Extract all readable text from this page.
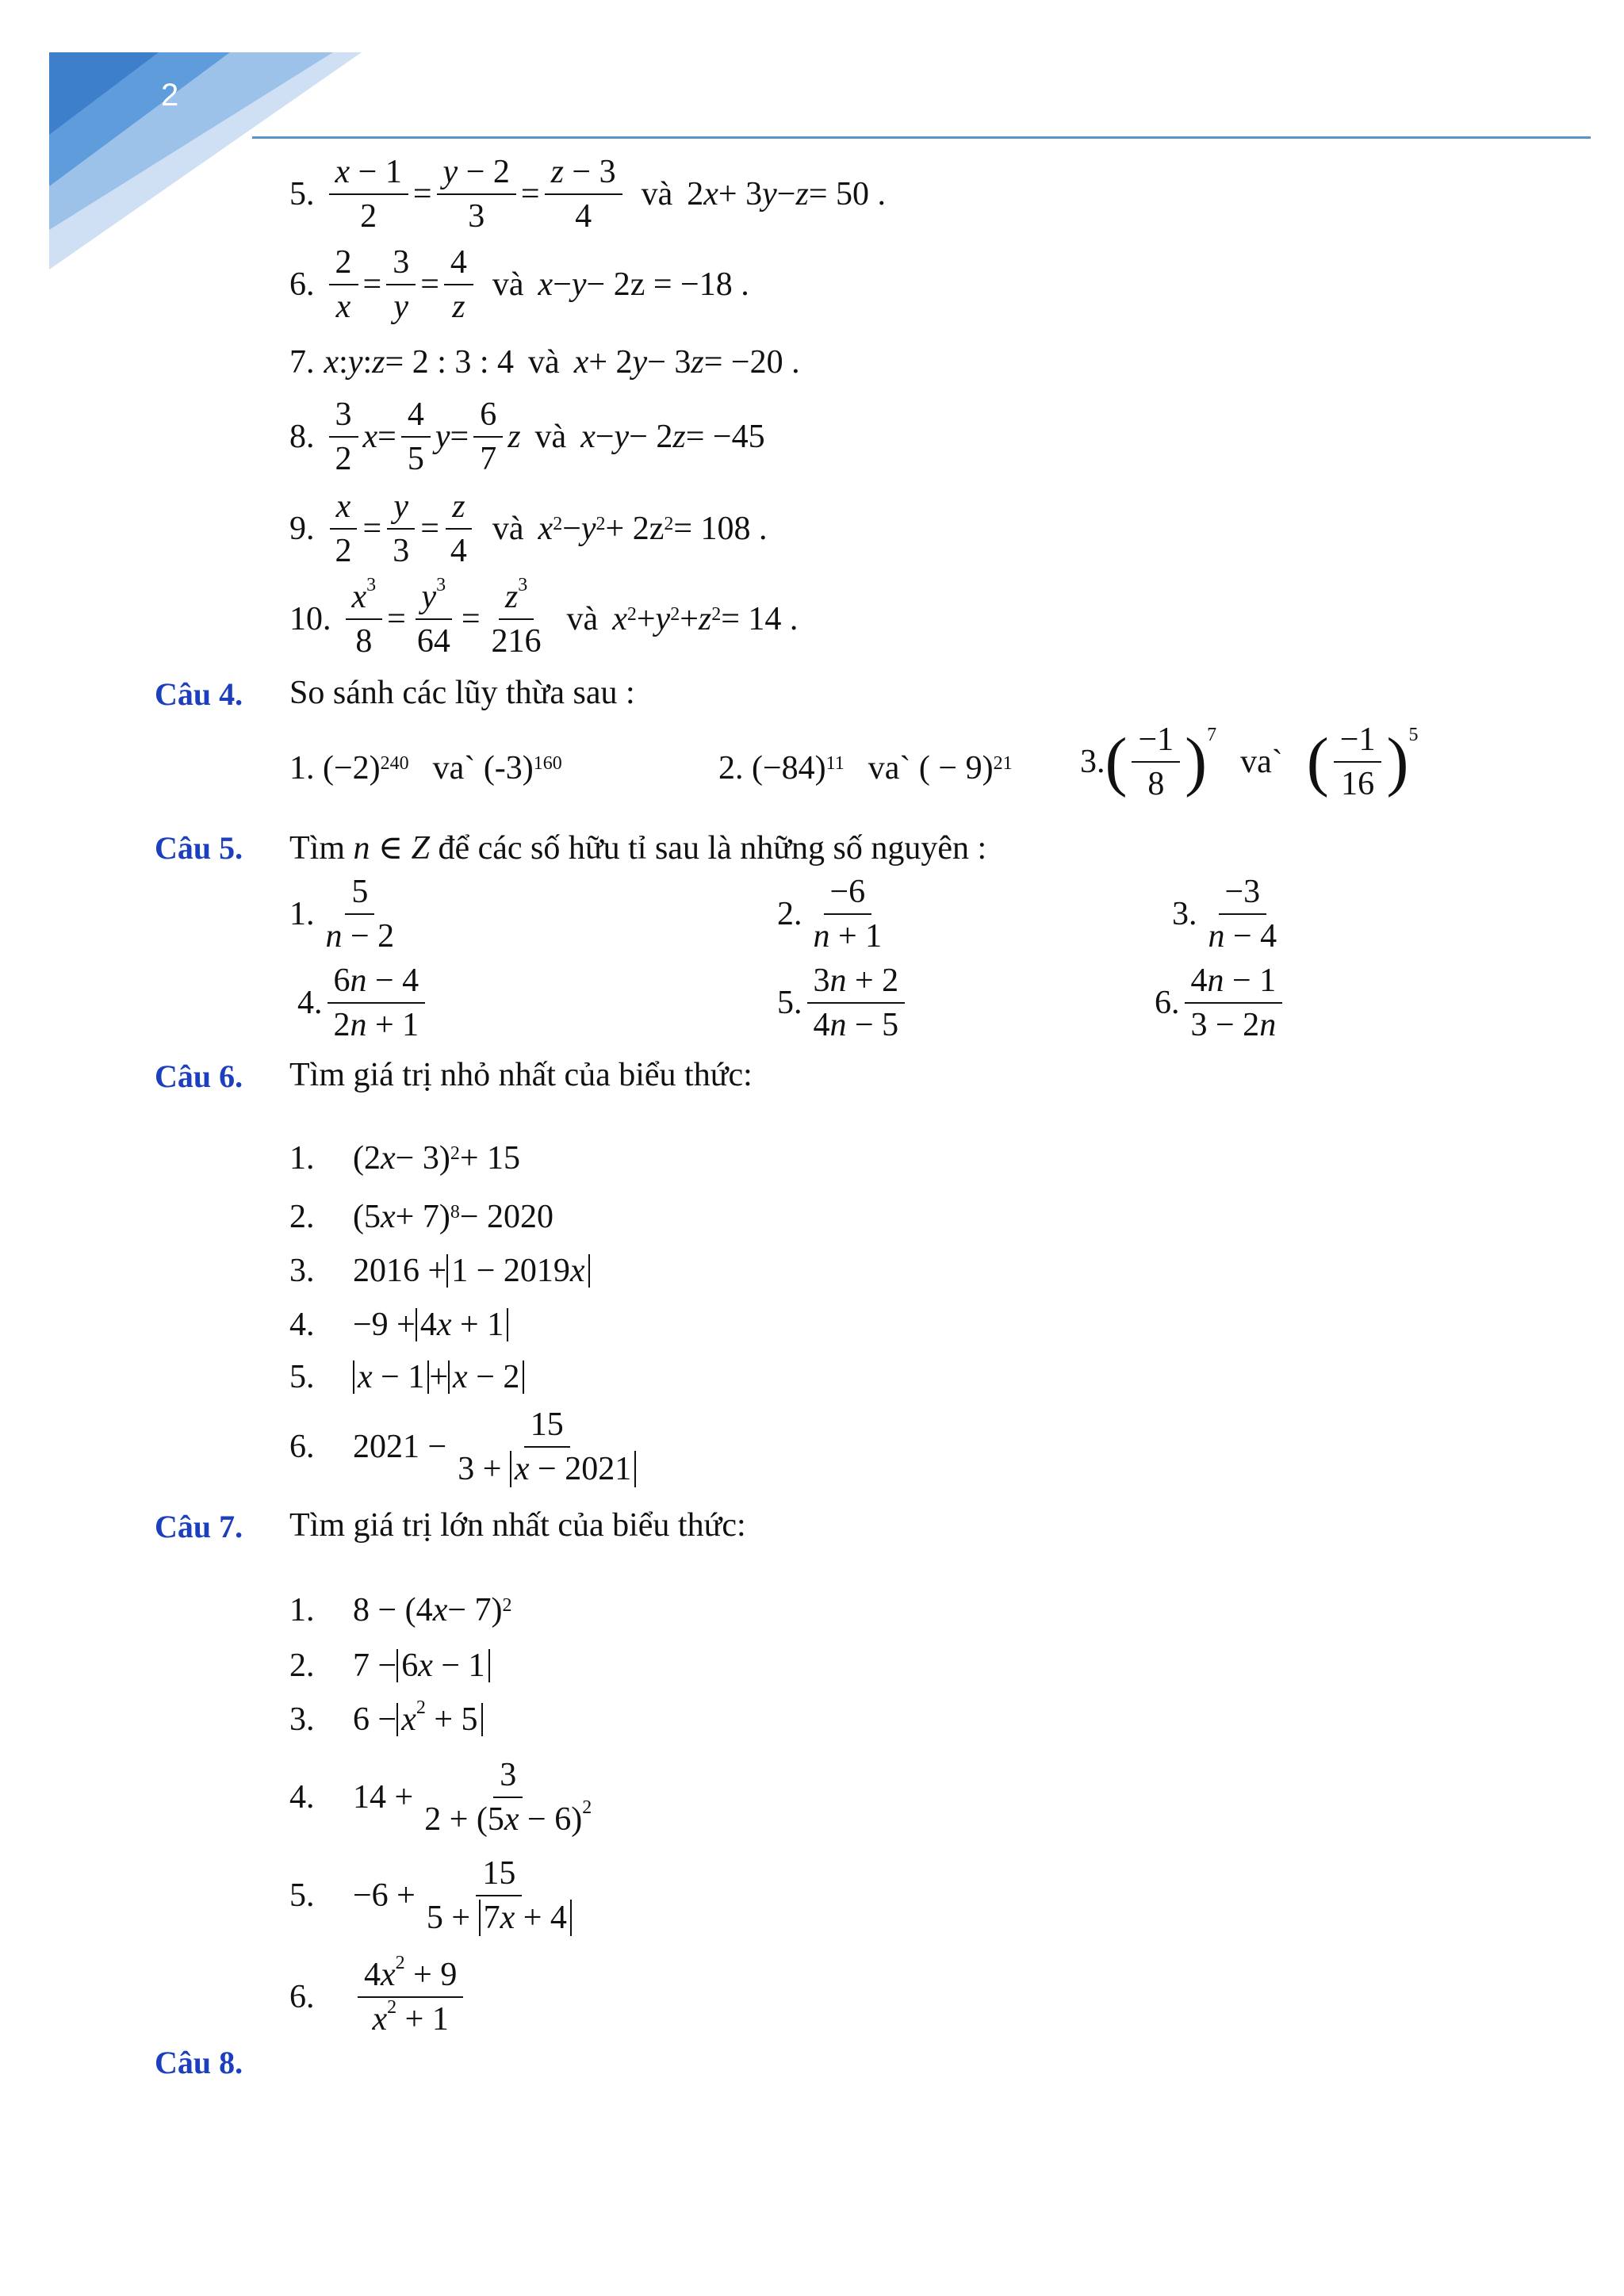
2
5. $\frac{x - 1}{2} = \frac{y - 2}{3} = \frac{z - 3}{4}$ và 2 x + 3 y − z = 50 .
6. $\frac{2}{x} = \frac{3}{y} = \frac{4}{z}$ và x − y − 2z = −18 .
7. x : y : z = 2 : 3 : 4 và x + 2 y − 3 z = −20 .
8. $\frac{3}{2}$ $x = \frac{4}{5}$ $y = \frac{6}{7}$ z và x − y − 2 z = −45
9. $\frac{x}{2} = \frac{y}{3} = \frac{z}{4}$ và $x^2 - y^2 + 2z^2 = 108$ .
10. $\frac{x^3}{8} = \frac{y^3}{64} = \frac{z^3}{216}$ và $x^2 + y^2 + z^2 = 14$ .
Câu 4. So sánh các lũy thừa sau :
1. $(-2)^{240}$ va` $(-3)^{160}$	2. $(-84)^{11}$ va` ( − 9)$^{21}$ 3. ( $\frac{-1}{8} )^7$
va` ( $\frac{-1}{16} )^5$
Câu 5. Tìm n ∈ Z để các số hữu tỉ sau là những số nguyên :
1. $\frac{5}{n - 2}$	2. $\frac{-6}{n + 1}$	3. $\frac{-3}{n - 4}$
4. $\frac{6n - 4}{2n + 1}$	5. $\frac{3n + 2}{4n - 5}$	6. $\frac{4n - 1}{3 - 2n}$
Câu 6. Tìm giá trị nhỏ nhất của biểu thức:
1.	(2 x − 3)$^2$ + 15
2.	(5 x + 7)$^8$ − 2020
3.	2016 + 1 − 2019x
4.	−9 + 4x + 1
5.	x − 1 + x − 2
6.	$2021 - \frac{15}{3 + x - 2021}$
Câu 7. Tìm giá trị lớn nhất của biểu thức:
1.	8 − (4 x − 7)$^2$
2.	7 − 6x − 1
3.	$6 - x^2 + 5$
4.	$14 + \frac{3}{2 + (5x - 6)^2}$
5.	$-6 + \frac{15}{5 + 7x + 4}$
6.	$\frac{4x^2 + 9}{x^2 + 1}$
Câu 8.
